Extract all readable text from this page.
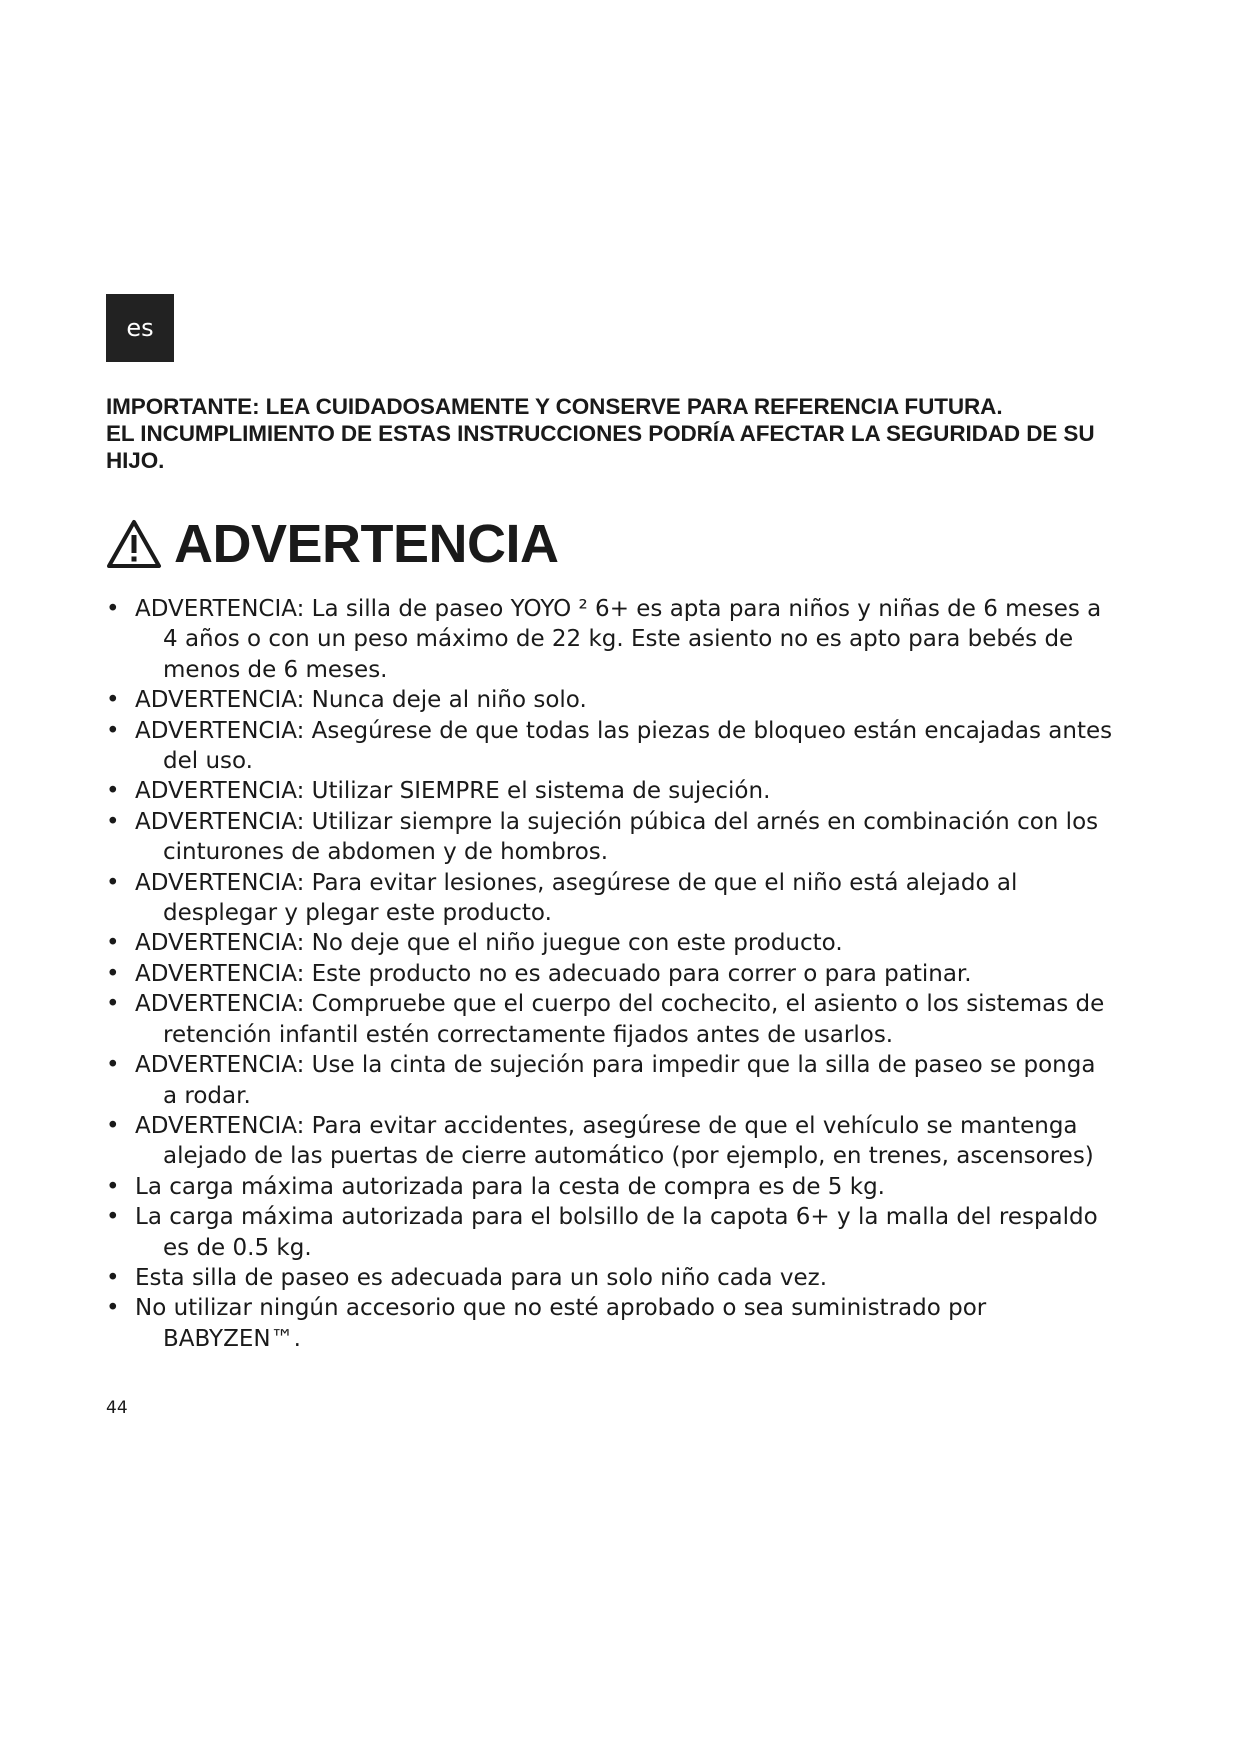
es
IMPORTANTE: LEA CUIDADOSAMENTE Y CONSERVE PARA REFERENCIA FUTURA.
EL INCUMPLIMIENTO DE ESTAS INSTRUCCIONES PODRÍA AFECTAR LA SEGURIDAD DE SU HIJO.
ADVERTENCIA
• ADVERTENCIA: La silla de paseo YOYO ² 6+ es apta para niños y niñas de 6 meses a 4 años o con un peso máximo de 22 kg. Este asiento no es apto para bebés de menos de 6 meses.
• ADVERTENCIA: Nunca deje al niño solo.
• ADVERTENCIA: Asegúrese de que todas las piezas de bloqueo están encajadas antes del uso.
• ADVERTENCIA: Utilizar SIEMPRE el sistema de sujeción.
• ADVERTENCIA: Utilizar siempre la sujeción púbica del arnés en combinación con los cinturones de abdomen y de hombros.
• ADVERTENCIA: Para evitar lesiones, asegúrese de que el niño está alejado al desplegar y plegar este producto.
• ADVERTENCIA: No deje que el niño juegue con este producto.
• ADVERTENCIA: Este producto no es adecuado para correr o para patinar.
• ADVERTENCIA: Compruebe que el cuerpo del cochecito, el asiento o los sistemas de retención infantil estén correctamente fijados antes de usarlos.
• ADVERTENCIA: Use la cinta de sujeción para impedir que la silla de paseo se ponga a rodar.
• ADVERTENCIA: Para evitar accidentes, asegúrese de que el vehículo se mantenga alejado de las puertas de cierre automático (por ejemplo, en trenes, ascensores)
• La carga máxima autorizada para la cesta de compra es de 5 kg.
• La carga máxima autorizada para el bolsillo de la capota 6+ y la malla del respaldo es de 0.5 kg.
• Esta silla de paseo es adecuada para un solo niño cada vez.
• No utilizar ningún accesorio que no esté aprobado o sea suministrado por BABYZEN™.
44
